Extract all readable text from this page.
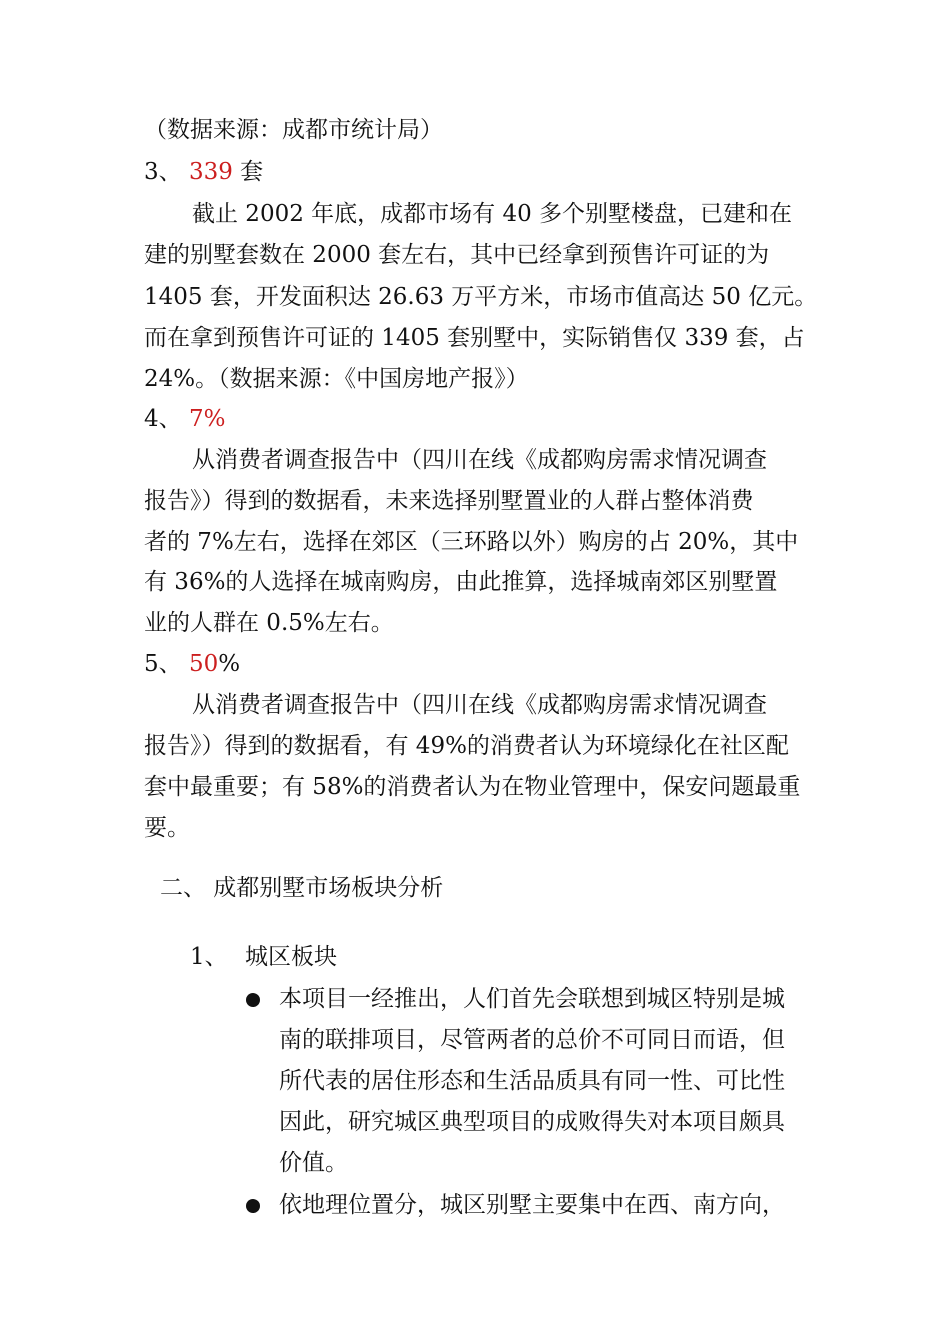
（数据来源：成都市统计局）
3、 339 套
截止 2002 年底，成都市场有 40 多个别墅楼盘，已建和在
建的别墅套数在 2000 套左右，其中已经拿到预售许可证的为
1405 套，开发面积达 26.63 万平方米，市场市值高达 50 亿元。
而在拿到预售许可证的 1405 套别墅中，实际销售仅 339 套，占
24%。（数据来源：《中国房地产报》）
4、 7%
从消费者调查报告中（四川在线《成都购房需求情况调查
报告》）得到的数据看，未来选择别墅置业的人群占整体消费
者的 7%左右，选择在郊区（三环路以外）购房的占 20%，其中
有 36%的人选择在城南购房，由此推算，选择城南郊区别墅置
业的人群在 0.5%左右。
5、 50%
从消费者调查报告中（四川在线《成都购房需求情况调查
报告》）得到的数据看，有 49%的消费者认为环境绿化在社区配
套中最重要；有 58%的消费者认为在物业管理中，保安问题最重
要。
二、 成都别墅市场板块分析
1、 城区板块
本项目一经推出，人们首先会联想到城区特别是城
南的联排项目，尽管两者的总价不可同日而语，但
所代表的居住形态和生活品质具有同一性、可比性
因此，研究城区典型项目的成败得失对本项目颇具
价值。
依地理位置分，城区别墅主要集中在西、南方向，
